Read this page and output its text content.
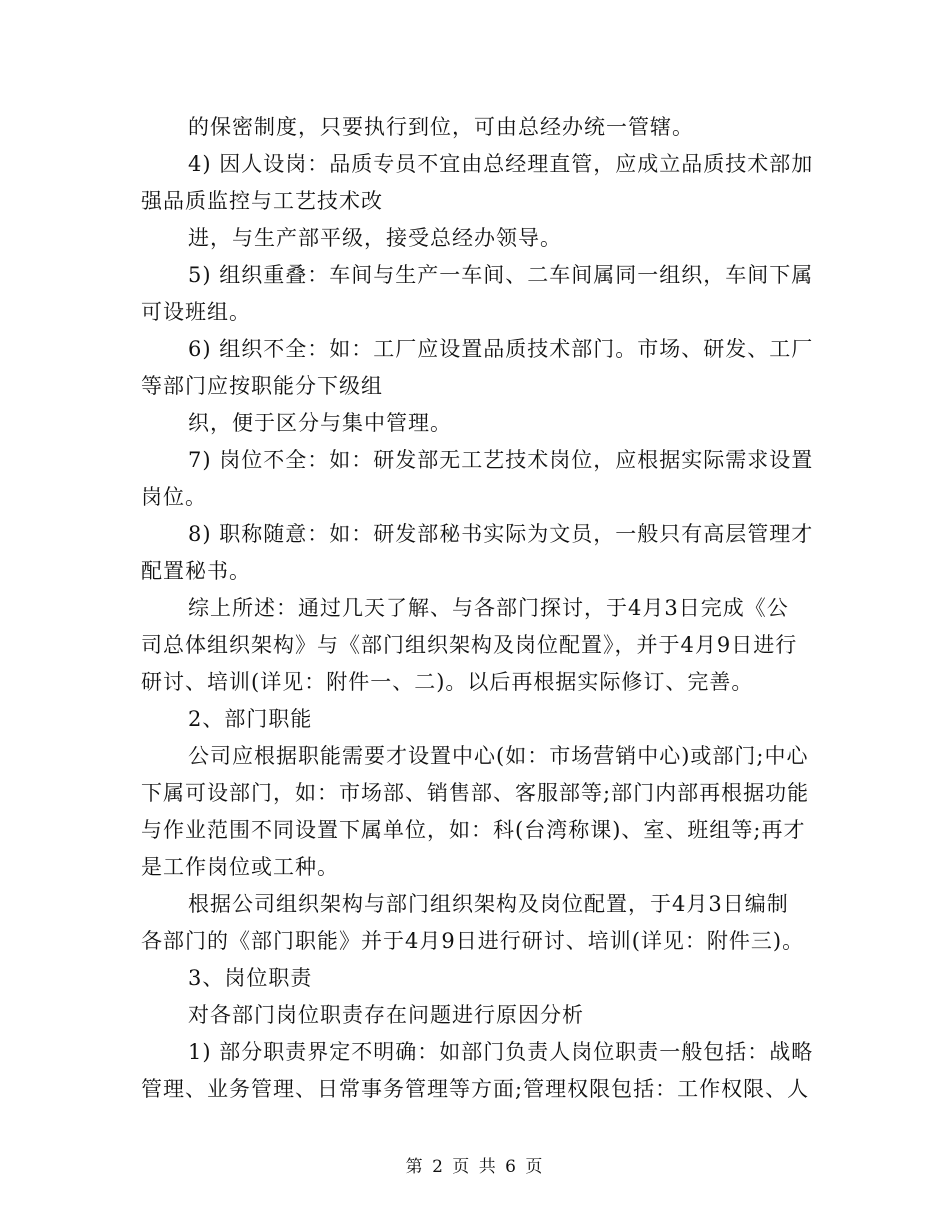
的保密制度，只要执行到位，可由总经办统一管辖。
4) 因人设岗：品质专员不宜由总经理直管，应成立品质技术部加
强品质监控与工艺技术改
进，与生产部平级，接受总经办领导。
5) 组织重叠：车间与生产一车间、二车间属同一组织，车间下属
可设班组。
6) 组织不全：如：工厂应设置品质技术部门。市场、研发、工厂
等部门应按职能分下级组
织，便于区分与集中管理。
7) 岗位不全：如：研发部无工艺技术岗位，应根据实际需求设置
岗位。
8) 职称随意：如：研发部秘书实际为文员，一般只有高层管理才
配置秘书。
综上所述：通过几天了解、与各部门探讨，于4月3日完成《公
司总体组织架构》与《部门组织架构及岗位配置》，并于4月9日进行
研讨、培训(详见：附件一、二)。以后再根据实际修订、完善。
2、部门职能
公司应根据职能需要才设置中心(如：市场营销中心)或部门;中心
下属可设部门，如：市场部、销售部、客服部等;部门内部再根据功能
与作业范围不同设置下属单位，如：科(台湾称课)、室、班组等;再才
是工作岗位或工种。
根据公司组织架构与部门组织架构及岗位配置，于4月3日编制
各部门的《部门职能》并于4月9日进行研讨、培训(详见：附件三)。
3、岗位职责
对各部门岗位职责存在问题进行原因分析
1) 部分职责界定不明确：如部门负责人岗位职责一般包括：战略
管理、业务管理、日常事务管理等方面;管理权限包括：工作权限、人
第 2 页 共 6 页
